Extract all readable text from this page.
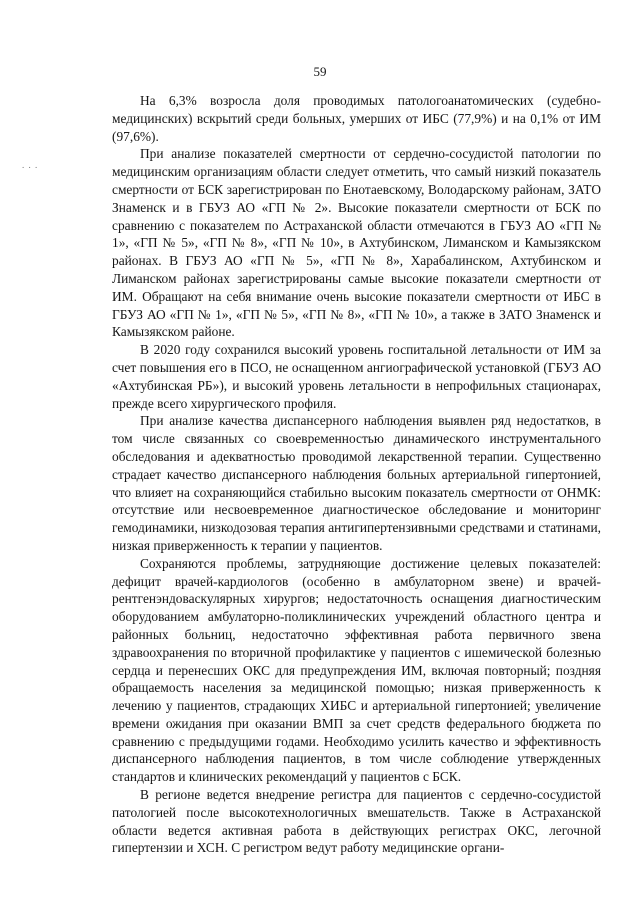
59
. . .

На 6,3% возросла доля проводимых патологоанатомических (судебно-медицинских) вскрытий среди больных, умерших от ИБС (77,9%) и на 0,1% от ИМ (97,6%).

При анализе показателей смертности от сердечно-сосудистой патологии по медицинским организациям области следует отметить, что самый низкий показатель смертности от БСК зарегистрирован по Енотаевскому, Володарскому районам, ЗАТО Знаменск и в ГБУЗ АО «ГП № 2». Высокие показатели смертности от БСК по сравнению с показателем по Астраханской области отмечаются в ГБУЗ АО «ГП № 1», «ГП № 5», «ГП № 8», «ГП № 10», в Ахтубинском, Лиманском и Камызякском районах. В ГБУЗ АО «ГП № 5», «ГП № 8», Харабалинском, Ахтубинском и Лиманском районах зарегистрированы самые высокие показатели смертности от ИМ. Обращают на себя внимание очень высокие показатели смертности от ИБС в ГБУЗ АО «ГП № 1», «ГП № 5», «ГП № 8», «ГП № 10», а также в ЗАТО Знаменск и Камызякском районе.

В 2020 году сохранился высокий уровень госпитальной летальности от ИМ за счет повышения его в ПСО, не оснащенном ангиографической установкой (ГБУЗ АО «Ахтубинская РБ»), и высокий уровень летальности в непрофильных стационарах, прежде всего хирургического профиля.

При анализе качества диспансерного наблюдения выявлен ряд недостатков, в том числе связанных со своевременностью динамического инструментального обследования и адекватностью проводимой лекарственной терапии. Существенно страдает качество диспансерного наблюдения больных артериальной гипертонией, что влияет на сохраняющийся стабильно высоким показатель смертности от ОНМК: отсутствие или несвоевременное диагностическое обследование и мониторинг гемодинамики, низкодозовая терапия антигипертензивными средствами и статинами, низкая приверженность к терапии у пациентов.

Сохраняются проблемы, затрудняющие достижение целевых показателей: дефицит врачей-кардиологов (особенно в амбулаторном звене) и врачей-рентгенэндоваскулярных хирургов; недостаточность оснащения диагностическим оборудованием амбулаторно-поликлинических учреждений областного центра и районных больниц, недостаточно эффективная работа первичного звена здравоохранения по вторичной профилактике у пациентов с ишемической болезнью сердца и перенесших ОКС для предупреждения ИМ, включая повторный; поздняя обращаемость населения за медицинской помощью; низкая приверженность к лечению у пациентов, страдающих ХИБС и артериальной гипертонией; увеличение времени ожидания при оказании ВМП за счет средств федерального бюджета по сравнению с предыдущими годами. Необходимо усилить качество и эффективность диспансерного наблюдения пациентов, в том числе соблюдение утвержденных стандартов и клинических рекомендаций у пациентов с БСК.

В регионе ведется внедрение регистра для пациентов с сердечно-сосудистой патологией после высокотехнологичных вмешательств. Также в Астраханской области ведется активная работа в действующих регистрах ОКС, легочной гипертензии и ХСН. С регистром ведут работу медицинские органи-
